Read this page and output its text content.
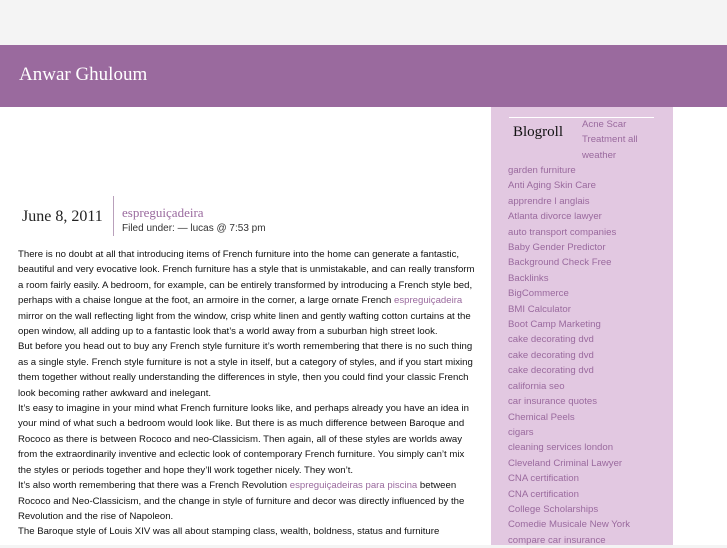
Anwar Ghuloum
June 8, 2011 espreguiçadeira
Filed under: — lucas @ 7:53 pm

There is no doubt at all that introducing items of French furniture into the home can generate a fantastic, beautiful and very evocative look. French furniture has a style that is unmistakable, and can really transform a room fairly easily. A bedroom, for example, can be entirely transformed by introducing a French style bed, perhaps with a chaise longue at the foot, an armoire in the corner, a large ornate French espreguiçadeira mirror on the wall reflecting light from the window, crisp white linen and gently wafting cotton curtains at the open window, all adding up to a fantastic look that’s a world away from a suburban high street look.

But before you head out to buy any French style furniture it’s worth remembering that there is no such thing as a single style. French style furniture is not a style in itself, but a category of styles, and if you start mixing them together without really understanding the differences in style, then you could find your classic French look becoming rather awkward and inelegant.

It’s easy to imagine in your mind what French furniture looks like, and perhaps already you have an idea in your mind of what such a bedroom would look like. But there is as much difference between Baroque and Rococo as there is between Rococo and neo-Classicism. Then again, all of these styles are worlds away from the extraordinarily inventive and eclectic look of contemporary French furniture. You simply can’t mix the styles or periods together and hope they’ll work together nicely. They won’t.

It’s also worth remembering that there was a French Revolution espreguiçadeiras para piscina between Rococo and Neo-Classicism, and the change in style of furniture and decor was directly influenced by the Revolution and the rise of Napoleon.

The Baroque style of Louis XIV was all about stamping class, wealth, boldness, status and furniture

Blogroll Acne Scar Treatment all weather
garden furniture
Anti Aging Skin Care
apprendre l anglais
Atlanta divorce lawyer
auto transport companies
Baby Gender Predictor
Background Check Free
Backlinks
BigCommerce
BMI Calculator
Boot Camp Marketing
cake decorating dvd
cake decorating dvd
cake decorating dvd
california seo
car insurance quotes
Chemical Peels
cigars
cleaning services london
Cleveland Criminal Lawyer
CNA certification
CNA certification
College Scholarships
Comedie Musicale New York
compare car insurance
